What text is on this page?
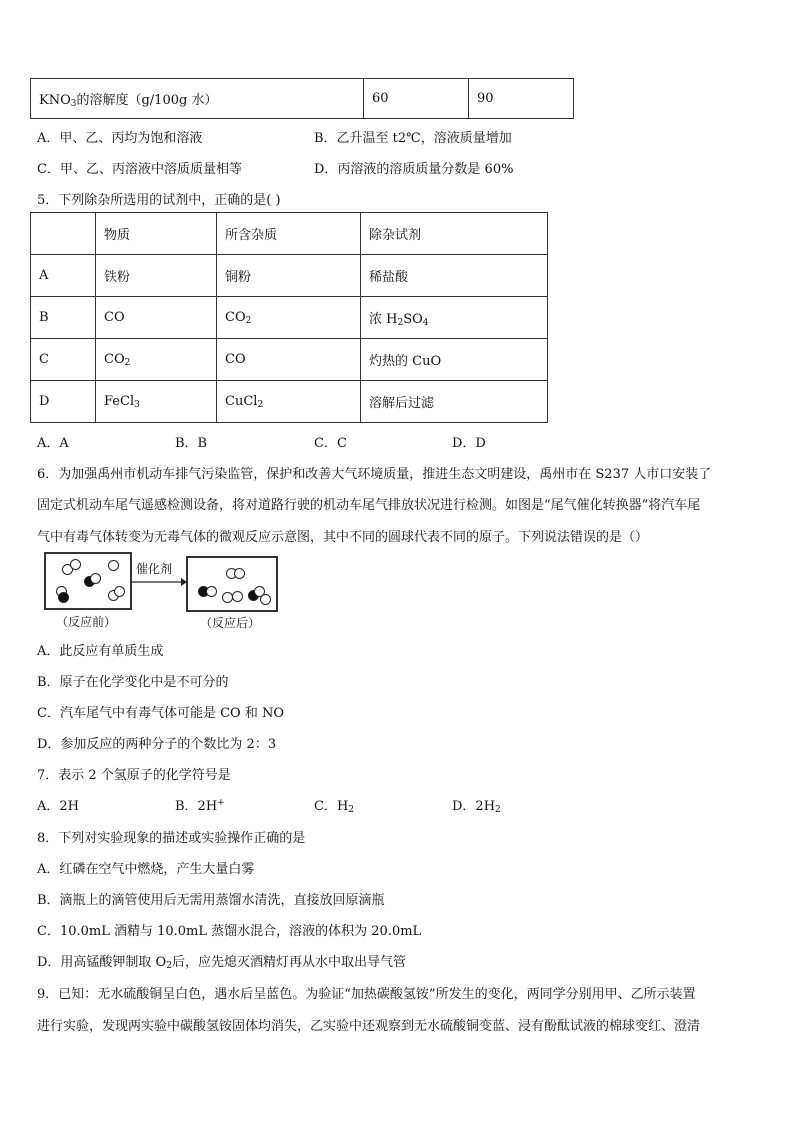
$KNO_3$的溶解度（g/100g 水）	60	90
A．甲、乙、丙均为饱和溶液	B．乙升温至 t2℃，溶液质量增加
C．甲、乙、丙溶液中溶质质量相等	D．丙溶液的溶质质量分数是 60%
5．下列除杂所选用的试剂中，正确的是( )
	物质	所含杂质	除杂试剂
A	铁粉	铜粉	稀盐酸
B	CO	$CO_2$	浓 $H_2SO_4$
C	$CO_2$	CO	灼热的 CuO
D	FeCl$_3$	CuCl$_2$	溶解后过滤
A．A	B．B	C．C	D．D
6．为加强禹州市机动车排气污染监管，保护和改善大气环境质量，推进生态文明建设，禹州市在 S237 人市口安装了
固定式机动车尾气遥感检测设备，将对道路行驶的机动车尾气排放状况进行检测。如图是“尾气催化转换器”将汽车尾
气中有毒气体转变为无毒气体的微观反应示意图，其中不同的圆球代表不同的原子。下列说法错误的是（）
催化剂
（反应前）	（反应后）
A．此反应有单质生成
B．原子在化学变化中是不可分的
C．汽车尾气中有毒气体可能是 CO 和 NO
D．参加反应的两种分子的个数比为 2：3
7．表示 2 个氢原子的化学符号是
A．2H	B．2H+	C．$H_2$	D．$2H_2$
8．下列对实验现象的描述或实验操作正确的是
A．红磷在空气中燃烧，产生大量白雾
B．滴瓶上的滴管使用后无需用蒸馏水清洗，直接放回原滴瓶
C．10.0mL 酒精与 10.0mL 蒸馏水混合，溶液的体积为 20.0mL
D．用高锰酸钾制取 $O_2$后，应先熄灭酒精灯再从水中取出导气管
9．已知：无水硫酸铜呈白色，遇水后呈蓝色。为验证“加热碳酸氢铵”所发生的变化，两同学分别用甲、乙所示装置
进行实验，发现两实验中碳酸氢铵固体均消失，乙实验中还观察到无水硫酸铜变蓝、浸有酚酞试液的棉球变红、澄清
